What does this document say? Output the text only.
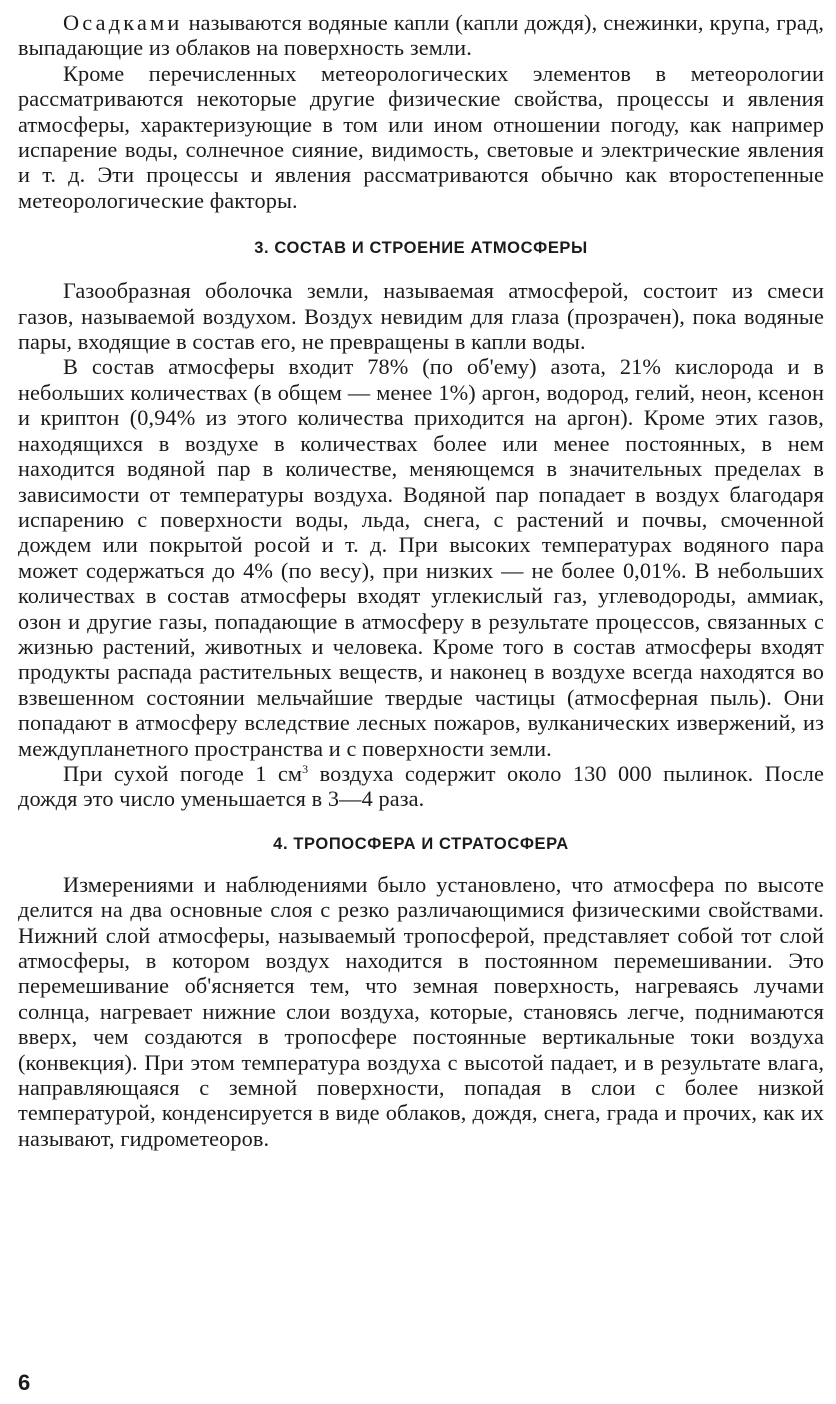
Осадками называются водяные капли (капли дождя), снежинки, крупа, град, выпадающие из облаков на поверхность земли.

Кроме перечисленных метеорологических элементов в метеорологии рассматриваются некоторые другие физические свойства, процессы и явления атмосферы, характеризующие в том или ином отношении погоду, как например испарение воды, солнечное сияние, видимость, световые и электрические явления и т. д. Эти процессы и явления рассматриваются обычно как второстепенные метеорологические факторы.

3. СОСТАВ И СТРОЕНИЕ АТМОСФЕРЫ

Газообразная оболочка земли, называемая атмосферой, состоит из смеси газов, называемой воздухом. Воздух невидим для глаза (прозрачен), пока водяные пары, входящие в состав его, не превращены в капли воды.

В состав атмосферы входит 78% (по об'ему) азота, 21% кислорода и в небольших количествах (в общем — менее 1%) аргон, водород, гелий, неон, ксенон и криптон (0,94% из этого количества приходится на аргон). Кроме этих газов, находящихся в воздухе в количествах более или менее постоянных, в нем находится водяной пар в количестве, меняющемся в значительных пределах в зависимости от температуры воздуха. Водяной пар попадает в воздух благодаря испарению с поверхности воды, льда, снега, с растений и почвы, смоченной дождем или покрытой росой и т. д. При высоких температурах водяного пара может содержаться до 4% (по весу), при низких — не более 0,01%. В небольших количествах в состав атмосферы входят углекислый газ, углеводороды, аммиак, озон и другие газы, попадающие в атмосферу в результате процессов, связанных с жизнью растений, животных и человека. Кроме того в состав атмосферы входят продукты распада растительных веществ, и наконец в воздухе всегда находятся во взвешенном состоянии мельчайшие твердые частицы (атмосферная пыль). Они попадают в атмосферу вследствие лесных пожаров, вулканических извержений, из междупланетного пространства и с поверхности земли.

При сухой погоде 1 $см^3$ воздуха содержит около 130 000 пылинок. После дождя это число уменьшается в 3—4 раза.

4. ТРОПОСФЕРА И СТРАТОСФЕРА

Измерениями и наблюдениями было установлено, что атмосфера по высоте делится на два основные слоя с резко различающимися физическими свойствами. Нижний слой атмосферы, называемый тропосферой, представляет собой тот слой атмосферы, в котором воздух находится в постоянном перемешивании. Это перемешивание об'ясняется тем, что земная поверхность, нагреваясь лучами солнца, нагревает нижние слои воздуха, которые, становясь легче, поднимаются вверх, чем создаются в тропосфере постоянные вертикальные токи воздуха (конвекция). При этом температура воздуха с высотой падает, и в результате влага, направляющаяся с земной поверхности, попадая в слои с более низкой температурой, конденсируется в виде облаков, дождя, снега, града и прочих, как их называют, гидрометеоров.

6
